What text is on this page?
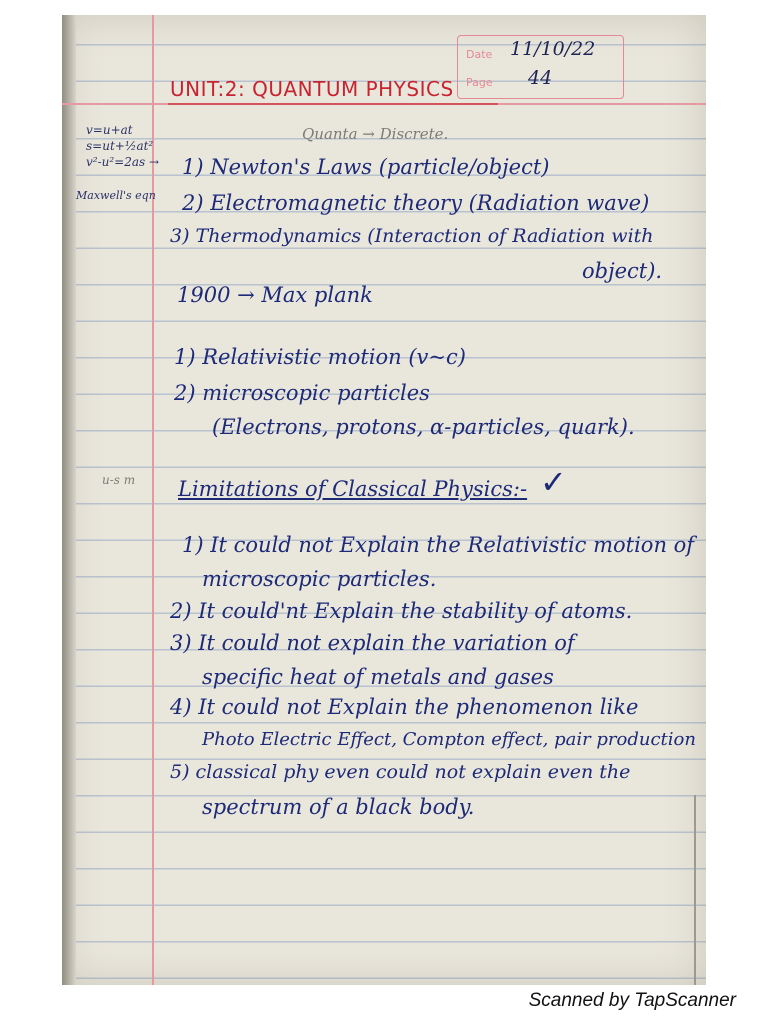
Date 11/10/22
Page 44
UNIT:2: QUANTUM PHYSICS
Quanta → Discrete.
v=u+at
s=ut+½at²
v²-u²=2as →
Maxwell's eqn
u-s m
1) Newton's Laws (particle/object)
2) Electromagnetic theory (Radiation wave)
3) Thermodynamics (Interaction of Radiation with
object).
1900 → Max plank
1) Relativistic motion (v~c)
2) microscopic particles
(Electrons, protons, α-particles, quark).
Limitations of Classical Physics:- ✓
1) It could not Explain the Relativistic motion of
microscopic particles.
2) It could'nt Explain the stability of atoms.
3) It could not explain the variation of
specific heat of metals and gases
4) It could not Explain the phenomenon like
Photo Electric Effect, Compton effect, pair production
5) classical phy even could not explain even the
spectrum of a black body.
Scanned by TapScanner
